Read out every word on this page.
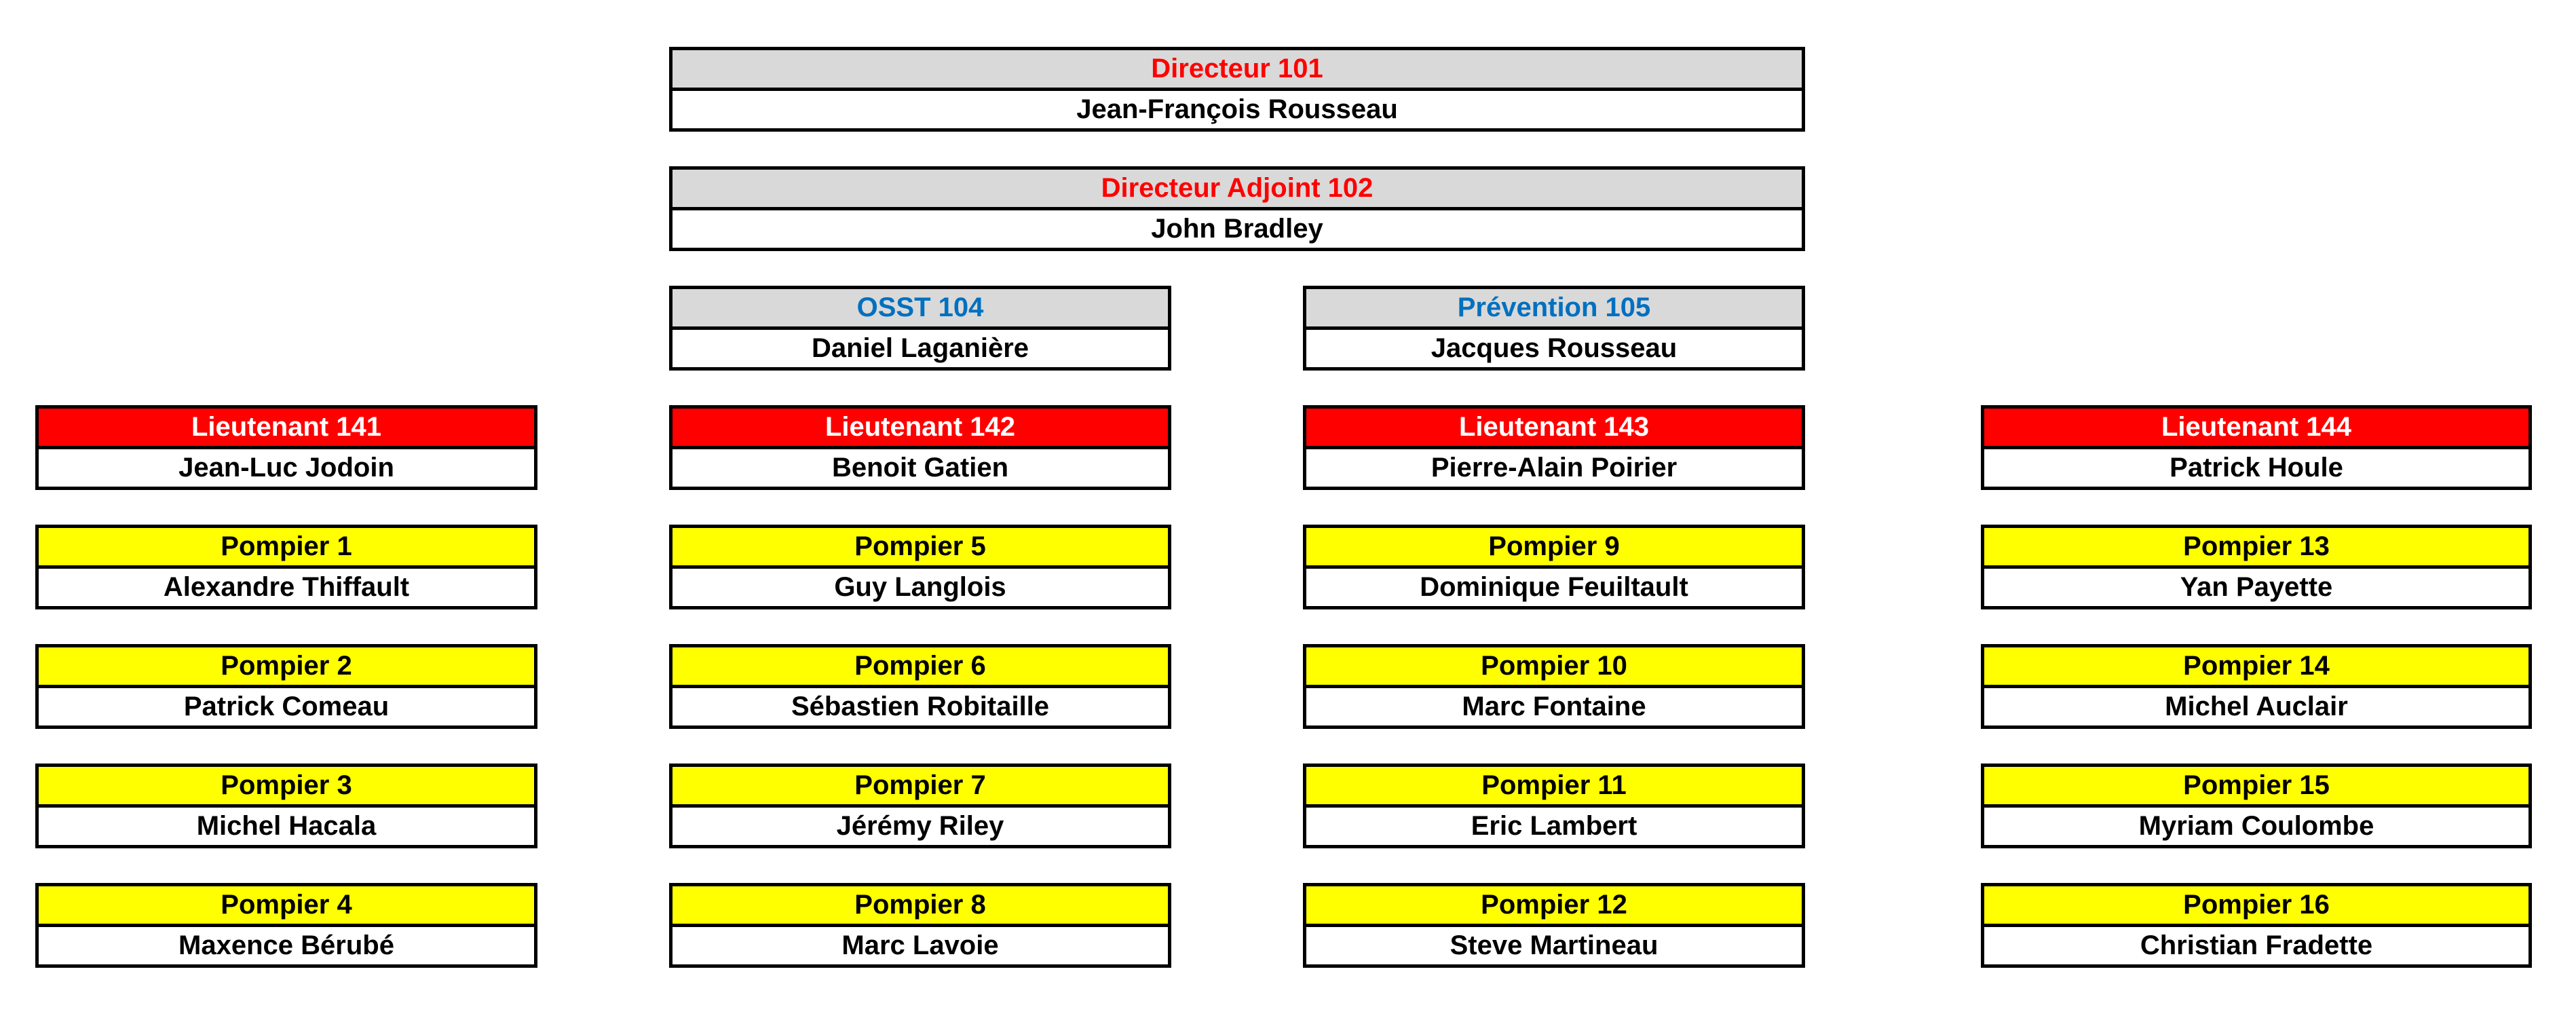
Directeur 101
Jean-François Rousseau
Directeur Adjoint 102
John Bradley
OSST 104
Daniel Laganière
Prévention 105
Jacques Rousseau
Lieutenant 141
Jean-Luc Jodoin
Pompier 1
Alexandre Thiffault
Pompier 2
Patrick Comeau
Pompier 3
Michel Hacala
Pompier 4
Maxence Bérubé
Lieutenant 142
Benoit Gatien
Pompier 5
Guy Langlois
Pompier 6
Sébastien Robitaille
Pompier 7
Jérémy Riley
Pompier 8
Marc Lavoie
Lieutenant 143
Pierre-Alain Poirier
Pompier 9
Dominique Feuiltault
Pompier 10
Marc Fontaine
Pompier 11
Eric Lambert
Pompier 12
Steve Martineau
Lieutenant 144
Patrick Houle
Pompier 13
Yan Payette
Pompier 14
Michel Auclair
Pompier 15
Myriam Coulombe
Pompier 16
Christian Fradette
